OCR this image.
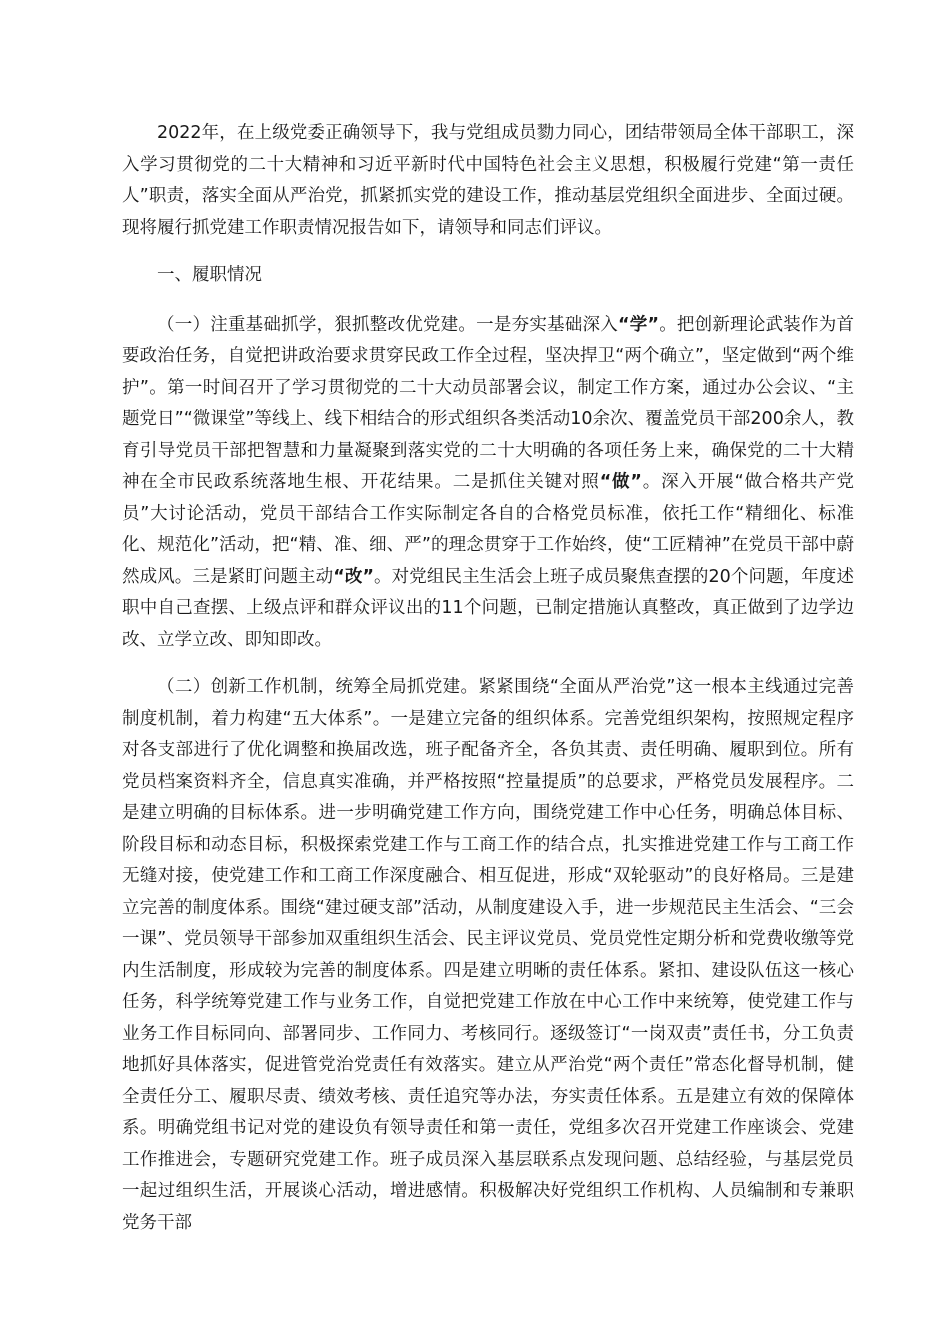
2022年，在上级党委正确领导下，我与党组成员勠力同心，团结带领局全体干部职工，深入学习贯彻党的二十大精神和习近平新时代中国特色社会主义思想，积极履行党建“第一责任人”职责，落实全面从严治党，抓紧抓实党的建设工作，推动基层党组织全面进步、全面过硬。现将履行抓党建工作职责情况报告如下，请领导和同志们评议。

一、履职情况

（一）注重基础抓学，狠抓整改优党建。一是夯实基础深入“学”。把创新理论武装作为首要政治任务，自觉把讲政治要求贯穿民政工作全过程，坚决捍卫“两个确立”，坚定做到“两个维护”。第一时间召开了学习贯彻党的二十大动员部署会议，制定工作方案，通过办公会议、“主题党日”“微课堂”等线上、线下相结合的形式组织各类活动10余次、覆盖党员干部200余人，教育引导党员干部把智慧和力量凝聚到落实党的二十大明确的各项任务上来，确保党的二十大精神在全市民政系统落地生根、开花结果。二是抓住关键对照“做”。深入开展“做合格共产党员”大讨论活动，党员干部结合工作实际制定各自的合格党员标准，依托工作“精细化、标准化、规范化”活动，把“精、准、细、严”的理念贯穿于工作始终，使“工匠精神”在党员干部中蔚然成风。三是紧盯问题主动“改”。对党组民主生活会上班子成员聚焦查摆的20个问题，年度述职中自己查摆、上级点评和群众评议出的11个问题，已制定措施认真整改，真正做到了边学边改、立学立改、即知即改。

（二）创新工作机制，统筹全局抓党建。紧紧围绕“全面从严治党”这一根本主线通过完善制度机制，着力构建“五大体系”。一是建立完备的组织体系。完善党组织架构，按照规定程序对各支部进行了优化调整和换届改选，班子配备齐全，各负其责、责任明确、履职到位。所有党员档案资料齐全，信息真实准确，并严格按照“控量提质”的总要求，严格党员发展程序。二是建立明确的目标体系。进一步明确党建工作方向，围绕党建工作中心任务，明确总体目标、阶段目标和动态目标，积极探索党建工作与工商工作的结合点，扎实推进党建工作与工商工作无缝对接，使党建工作和工商工作深度融合、相互促进，形成“双轮驱动”的良好格局。三是建立完善的制度体系。围绕“建过硬支部”活动，从制度建设入手，进一步规范民主生活会、“三会一课”、党员领导干部参加双重组织生活会、民主评议党员、党员党性定期分析和党费收缴等党内生活制度，形成较为完善的制度体系。四是建立明晰的责任体系。紧扣、建设队伍这一核心任务，科学统筹党建工作与业务工作，自觉把党建工作放在中心工作中来统筹，使党建工作与业务工作目标同向、部署同步、工作同力、考核同行。逐级签订“一岗双责”责任书，分工负责地抓好具体落实，促进管党治党责任有效落实。建立从严治党“两个责任”常态化督导机制，健全责任分工、履职尽责、绩效考核、责任追究等办法，夯实责任体系。五是建立有效的保障体系。明确党组书记对党的建设负有领导责任和第一责任，党组多次召开党建工作座谈会、党建工作推进会，专题研究党建工作。班子成员深入基层联系点发现问题、总结经验，与基层党员一起过组织生活，开展谈心活动，增进感情。积极解决好党组织工作机构、人员编制和专兼职党务干部
